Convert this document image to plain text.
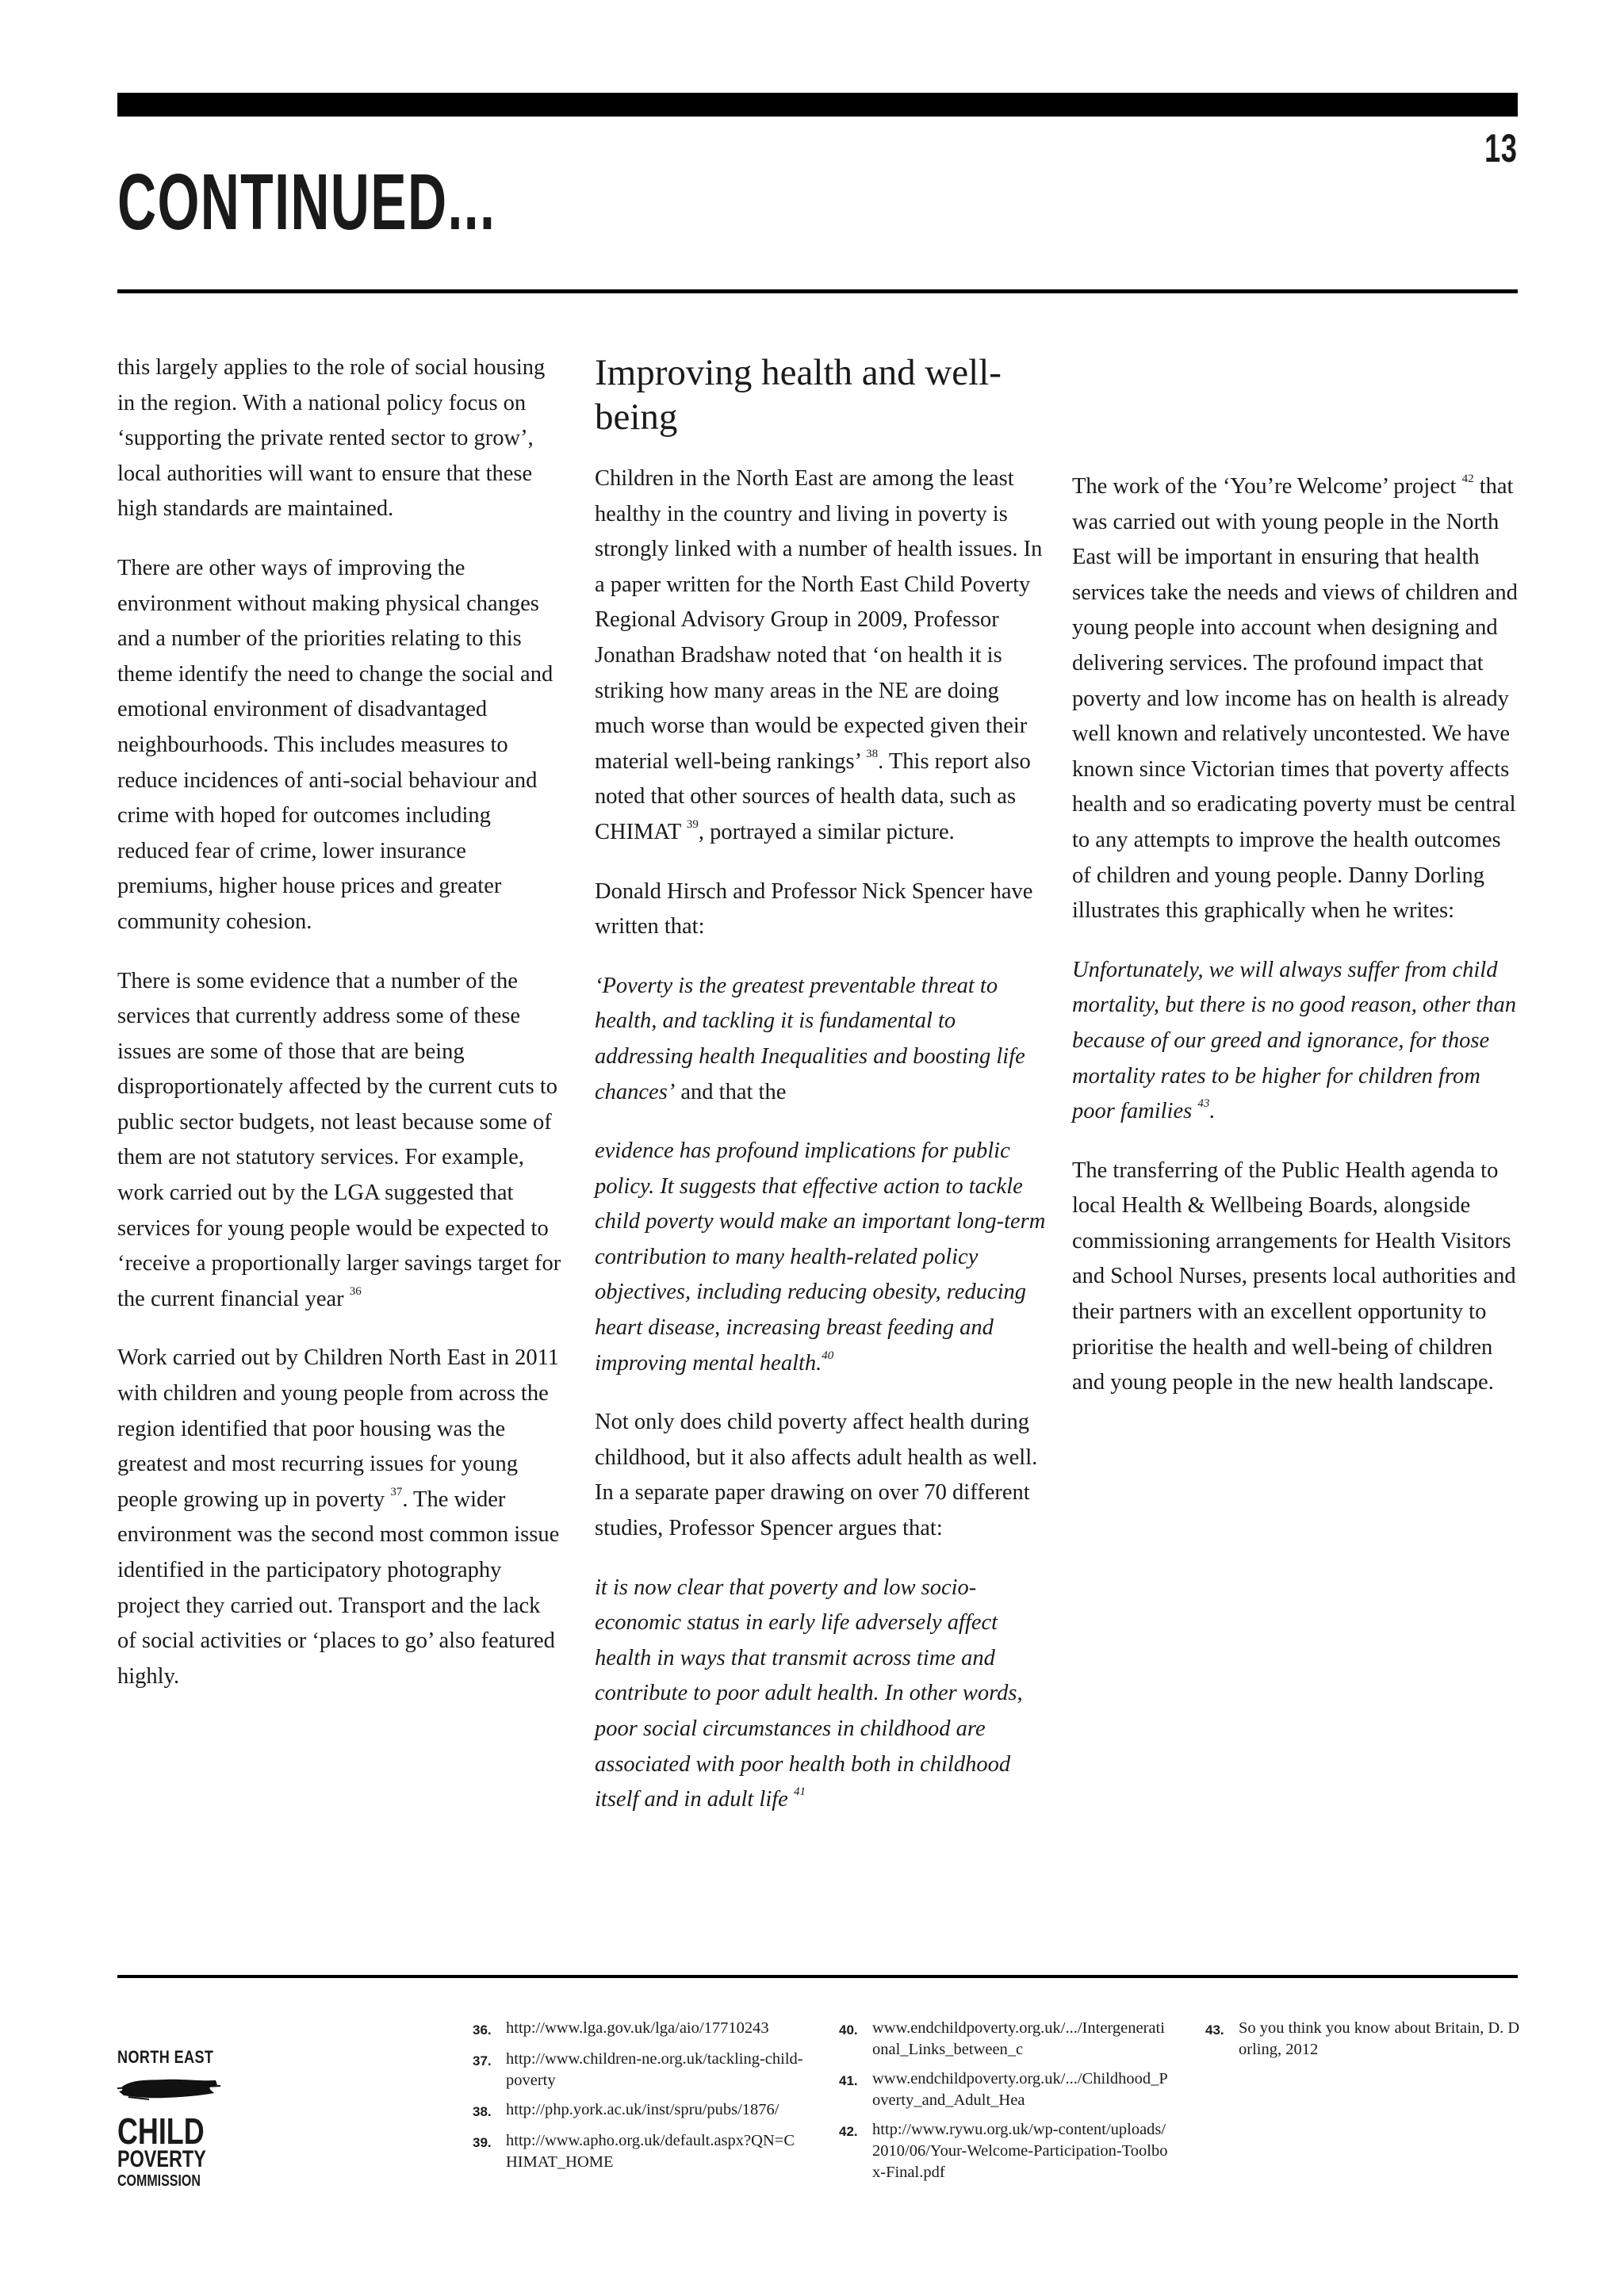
13
CONTINUED...

this largely applies to the role of social housing in the region. With a national policy focus on ‘supporting the private rented sector to grow’, local authorities will want to ensure that these high standards are maintained.

There are other ways of improving the environment without making physical changes and a number of the priorities relating to this theme identify the need to change the social and emotional environment of disadvantaged neighbourhoods. This includes measures to reduce incidences of anti-social behaviour and crime with hoped for outcomes including reduced fear of crime, lower insurance premiums, higher house prices and greater community cohesion.

There is some evidence that a number of the services that currently address some of these issues are some of those that are being disproportionately affected by the current cuts to public sector budgets, not least because some of them are not statutory services. For example, work carried out by the LGA suggested that services for young people would be expected to ‘receive a proportionally larger savings target for the current financial year $^{36}$

Work carried out by Children North East in 2011 with children and young people from across the region identified that poor housing was the greatest and most recurring issues for young people growing up in poverty $^{37}$. The wider environment was the second most common issue identified in the participatory photography project they carried out. Transport and the lack of social activities or ‘places to go’ also featured highly.

Improving health and well-being

Children in the North East are among the least healthy in the country and living in poverty is strongly linked with a number of health issues. In a paper written for the North East Child Poverty Regional Advisory Group in 2009, Professor Jonathan Bradshaw noted that ‘on health it is striking how many areas in the NE are doing much worse than would be expected given their material well-being rankings’ $^{38}$. This report also noted that other sources of health data, such as CHIMAT $^{39}$, portrayed a similar picture.

Donald Hirsch and Professor Nick Spencer have written that:

‘Poverty is the greatest preventable threat to health, and tackling it is fundamental to addressing health Inequalities and boosting life chances’ and that the

evidence has profound implications for public policy. It suggests that effective action to tackle child poverty would make an important long-term contribution to many health-related policy objectives, including reducing obesity, reducing heart disease, increasing breast feeding and improving mental health.$^{40}$

Not only does child poverty affect health during childhood, but it also affects adult health as well. In a separate paper drawing on over 70 different studies, Professor Spencer argues that:

it is now clear that poverty and low socio-economic status in early life adversely affect health in ways that transmit across time and contribute to poor adult health. In other words, poor social circumstances in childhood are associated with poor health both in childhood itself and in adult life $^{41}$

The work of the ‘You’re Welcome’ project $^{42}$ that was carried out with young people in the North East will be important in ensuring that health services take the needs and views of children and young people into account when designing and delivering services. The profound impact that poverty and low income has on health is already well known and relatively uncontested. We have known since Victorian times that poverty affects health and so eradicating poverty must be central to any attempts to improve the health outcomes of children and young people. Danny Dorling illustrates this graphically when he writes:

Unfortunately, we will always suffer from child mortality, but there is no good reason, other than because of our greed and ignorance, for those mortality rates to be higher for children from poor families $^{43}$.

The transferring of the Public Health agenda to local Health & Wellbeing Boards, alongside commissioning arrangements for Health Visitors and School Nurses, presents local authorities and their partners with an excellent opportunity to prioritise the health and well-being of children and young people in the new health landscape.

NORTH EAST
CHILD
POVERTY
COMMISSION
36. http://www.lga.gov.uk/lga/aio/17710243
37. http://www.children-ne.org.uk/tackling-child-poverty
38. http://php.york.ac.uk/inst/spru/pubs/1876/
39. http://www.apho.org.uk/default.aspx?QN=CHIMAT_HOME
40. www.endchildpoverty.org.uk/.../Intergenerational_Links_between_c
41. www.endchildpoverty.org.uk/.../Childhood_Poverty_and_Adult_Hea
42. http://www.rywu.org.uk/wp-content/uploads/2010/06/Your-Welcome-Participation-Toolbox-Final.pdf
43. So you think you know about Britain, D. Dorling, 2012
